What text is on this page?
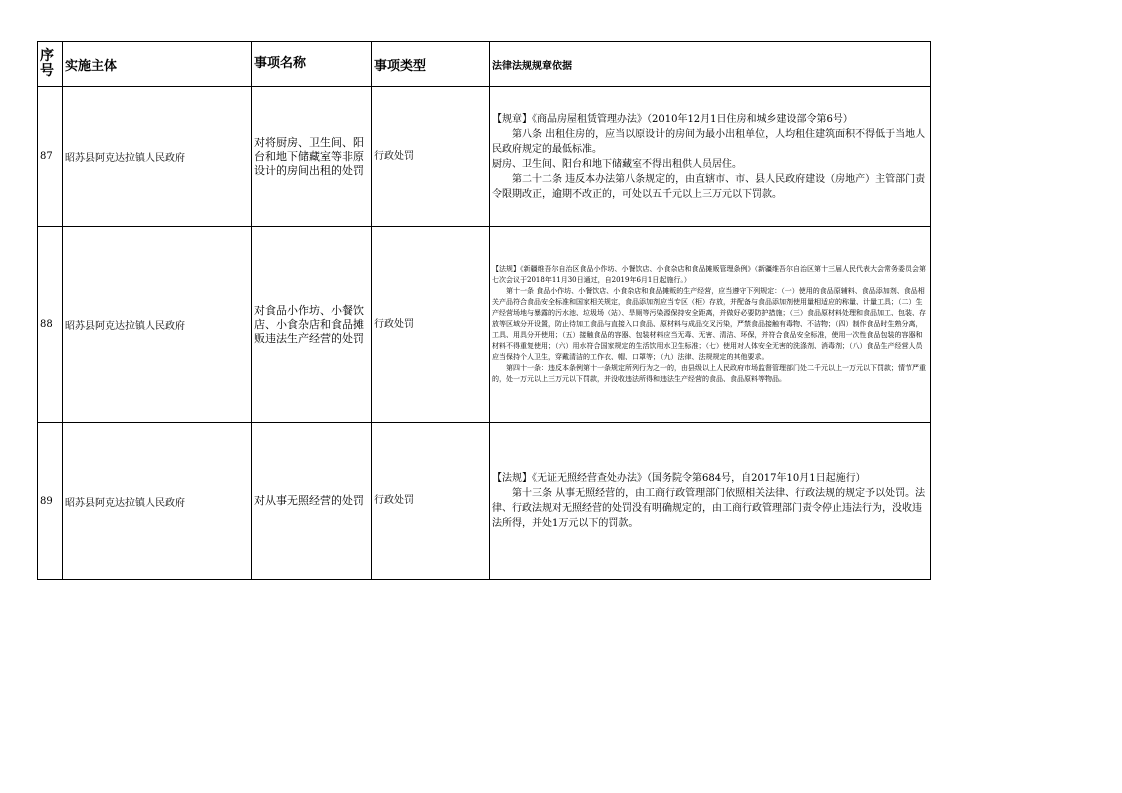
序号	实施主体	事项名称	事项类型	法律法规规章依据
87	昭苏县阿克达拉镇人民政府	对将厨房、卫生间、阳台和地下储藏室等非原设计的房间出租的处罚	行政处罚	【规章】《商品房屋租赁管理办法》（2010年12月1日住房和城乡建设部令第6号）

第八条 出租住房的，应当以原设计的房间为最小出租单位，人均租住建筑面积不得低于当地人民政府规定的最低标准。

厨房、卫生间、阳台和地下储藏室不得出租供人员居住。

第二十二条 违反本办法第八条规定的，由直辖市、市、县人民政府建设（房地产）主管部门责令限期改正，逾期不改正的，可处以五千元以上三万元以下罚款。

88	昭苏县阿克达拉镇人民政府	对食品小作坊、小餐饮店、小食杂店和食品摊贩违法生产经营的处罚	行政处罚	【法规】《新疆维吾尔自治区食品小作坊、小餐饮店、小食杂店和食品摊贩管理条例》（新疆维吾尔自治区第十三届人民代表大会常务委员会第七次会议于2018年11月30日通过，自2019年6月1日起施行。）

第十一条 食品小作坊、小餐饮店、小食杂店和食品摊贩的生产经营，应当遵守下列规定：（一）使用的食品原辅料、食品添加剂、食品相关产品符合食品安全标准和国家相关规定，食品添加剂应当专区（柜）存放，并配备与食品添加剂使用量相适应的称量、计量工具；（二）生产经营场地与暴露的污水池、垃圾场（站）、旱厕等污染源保持安全距离，并做好必要防护措施；（三）食品原材料处理和食品加工、包装、存放等区域分开设置，防止待加工食品与直接入口食品、原材料与成品交叉污染，严禁食品接触有毒物、不洁物；（四）制作食品时生熟分离，工具、用具分开使用；（五）接触食品的容器、包装材料应当无毒、无害、清洁、环保，并符合食品安全标准，使用一次性食品包装的容器和材料不得重复使用；（六）用水符合国家规定的生活饮用水卫生标准；（七）使用对人体安全无害的洗涤剂、消毒剂；（八）食品生产经营人员　应当保持个人卫生，穿戴清洁的工作衣、帽、口罩等；（九）法律、法规规定的其他要求。

第四十一条：违反本条例第十一条规定所列行为之一的，由县级以上人民政府市场监督管理部门处二千元以上一万元以下罚款；情节严重的，处一万元以上三万元以下罚款，并没收违法所得和违法生产经营的食品、食品原料等物品。

89	昭苏县阿克达拉镇人民政府	对从事无照经营的处罚	行政处罚	【法规】《无证无照经营查处办法》（国务院令第684号，自2017年10月1日起施行）

第十三条 从事无照经营的，由工商行政管理部门依照相关法律、行政法规的规定予以处罚。法律、行政法规对无照经营的处罚没有明确规定的，由工商行政管理部门责令停止违法行为，没收违法所得，并处1万元以下的罚款。
